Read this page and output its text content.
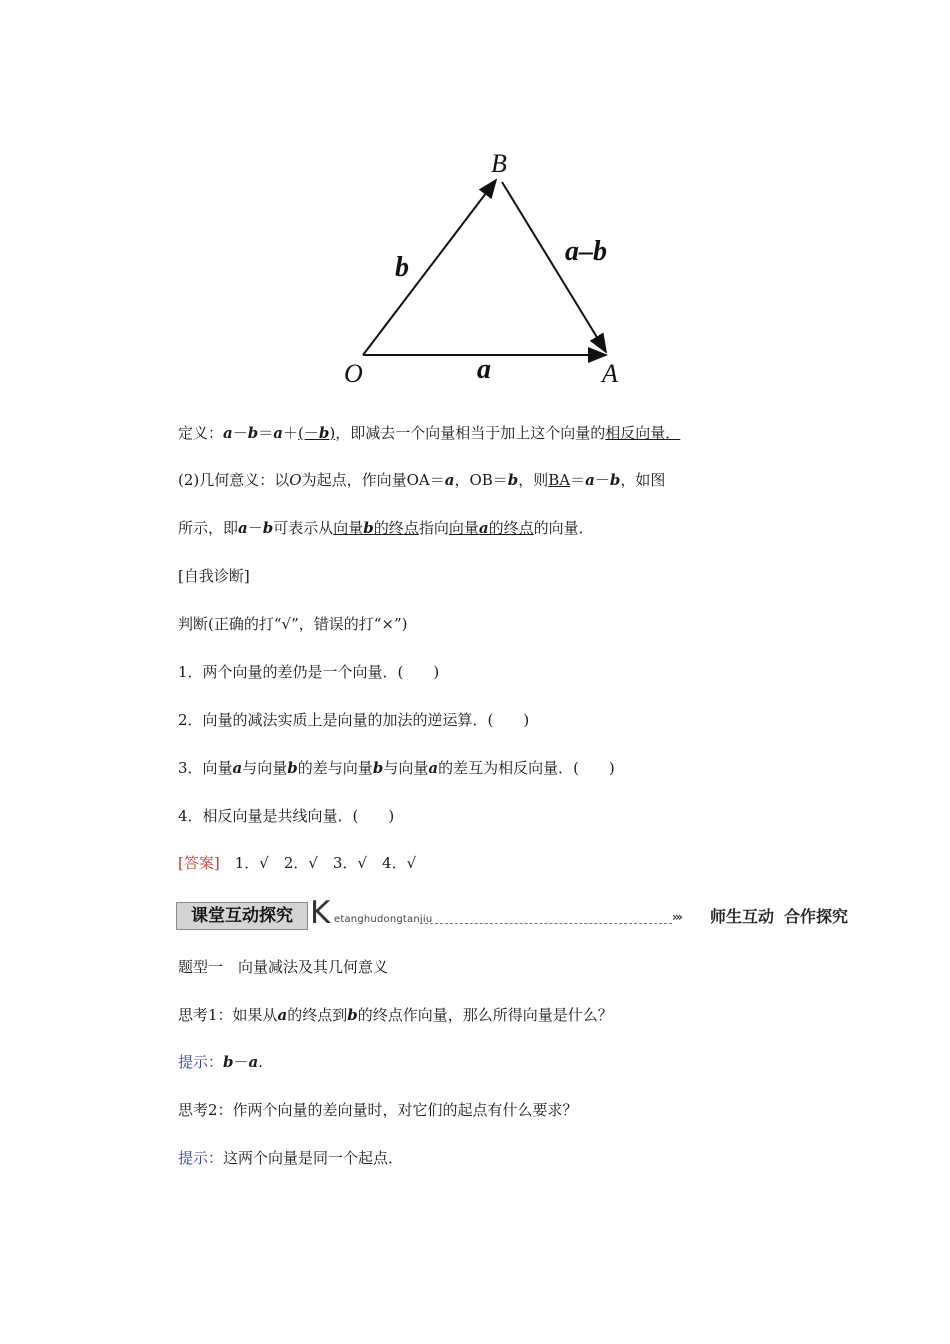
O	A
B
a
b
a–b
定义：a－b＝a＋(－b)，即减去一个向量相当于加上这个向量的相反向量．
(2)几何意义：以O为起点，作向量OA＝a，OB＝b，则BA＝a－b，如图
所示，即a－b可表示从向量b的终点指向向量a的终点的向量．
[自我诊断]
判断(正确的打“√”，错误的打“×”)
1．两个向量的差仍是一个向量．(　　)
2．向量的减法实质上是向量的加法的逆运算．(　　)
3．向量a与向量b的差与向量b与向量a的差互为相反向量．(　　)
4．相反向量是共线向量．(　　)
[答案]　1．√　2．√　3．√　4．√
课堂互动探究 K etanghudongtanjiu	››› 师生互动 合作探究
题型一　向量减法及其几何意义
思考1：如果从a的终点到b的终点作向量，那么所得向量是什么？
提示：b－a.
思考2：作两个向量的差向量时，对它们的起点有什么要求？
提示：这两个向量是同一个起点．
